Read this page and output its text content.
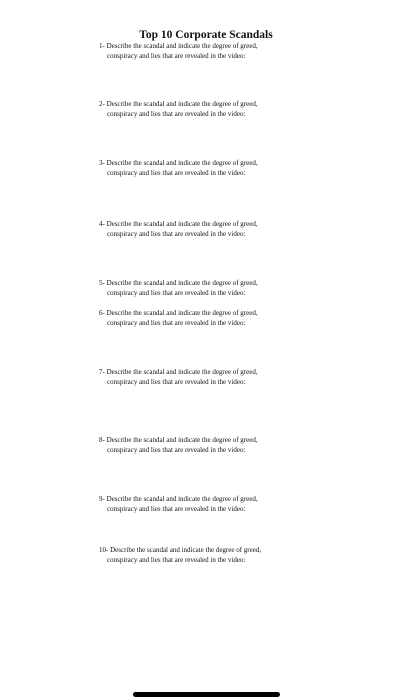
Top 10 Corporate Scandals
1- Describe the scandal and indicate the degree of greed,
conspiracy and lies that are revealed in the video:
2- Describe the scandal and indicate the degree of greed,
conspiracy and lies that are revealed in the video:
3- Describe the scandal and indicate the degree of greed,
conspiracy and lies that are revealed in the video:
4- Describe the scandal and indicate the degree of greed,
conspiracy and lies that are revealed in the video:
5- Describe the scandal and indicate the degree of greed,
conspiracy and lies that are revealed in the video:
6- Describe the scandal and indicate the degree of greed,
conspiracy and lies that are revealed in the video:
7- Describe the scandal and indicate the degree of greed,
conspiracy and lies that are revealed in the video:
8- Describe the scandal and indicate the degree of greed,
conspiracy and lies that are revealed in the video:
9- Describe the scandal and indicate the degree of greed,
conspiracy and lies that are revealed in the video:
10- Describe the scandal and indicate the degree of greed,
conspiracy and lies that are revealed in the video:
